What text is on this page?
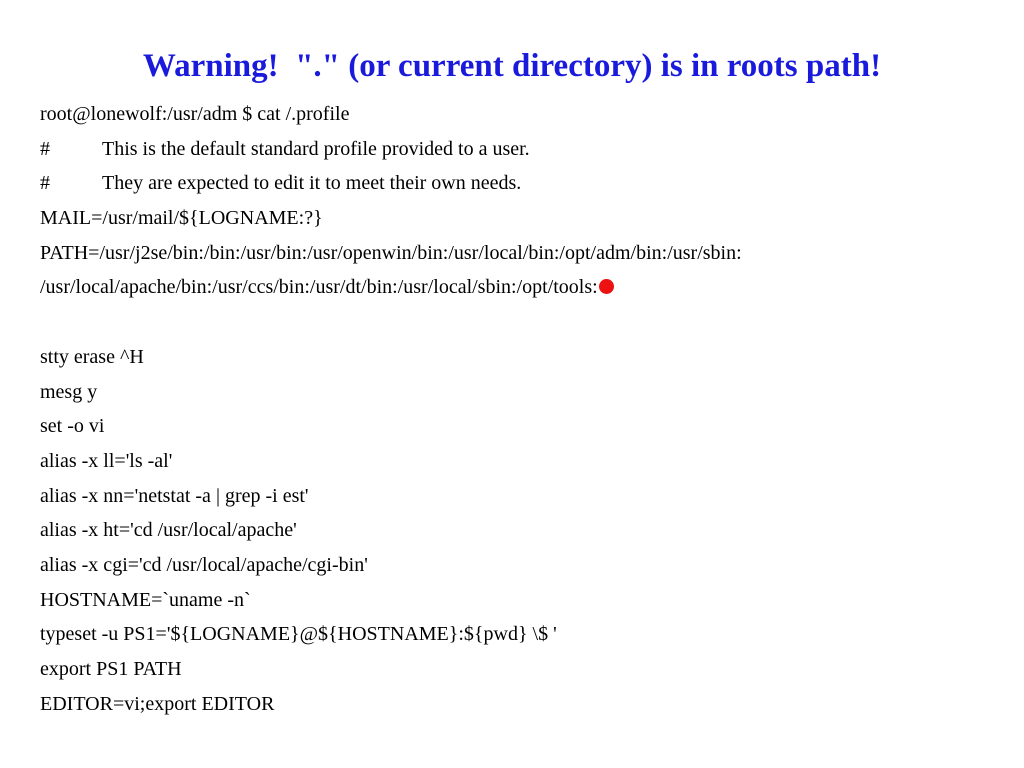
Warning!  "." (or current directory) is in roots path!
root@lonewolf:/usr/adm $ cat /.profile
#	This is the default standard profile provided to a user.
#	They are expected to edit it to meet their own needs.
MAIL=/usr/mail/${LOGNAME:?}
PATH=/usr/j2se/bin:/bin:/usr/bin:/usr/openwin/bin:/usr/local/bin:/opt/adm/bin:/usr/sbin:
/usr/local/apache/bin:/usr/ccs/bin:/usr/dt/bin:/usr/local/sbin:/opt/tools:
stty erase ^H
mesg y
set -o vi
alias -x ll='ls -al'
alias -x nn='netstat -a | grep -i est'
alias -x ht='cd /usr/local/apache'
alias -x cgi='cd /usr/local/apache/cgi-bin'
HOSTNAME=`uname -n`
typeset -u PS1='${LOGNAME}@${HOSTNAME}:${pwd} \$ '
export PS1 PATH
EDITOR=vi;export EDITOR
